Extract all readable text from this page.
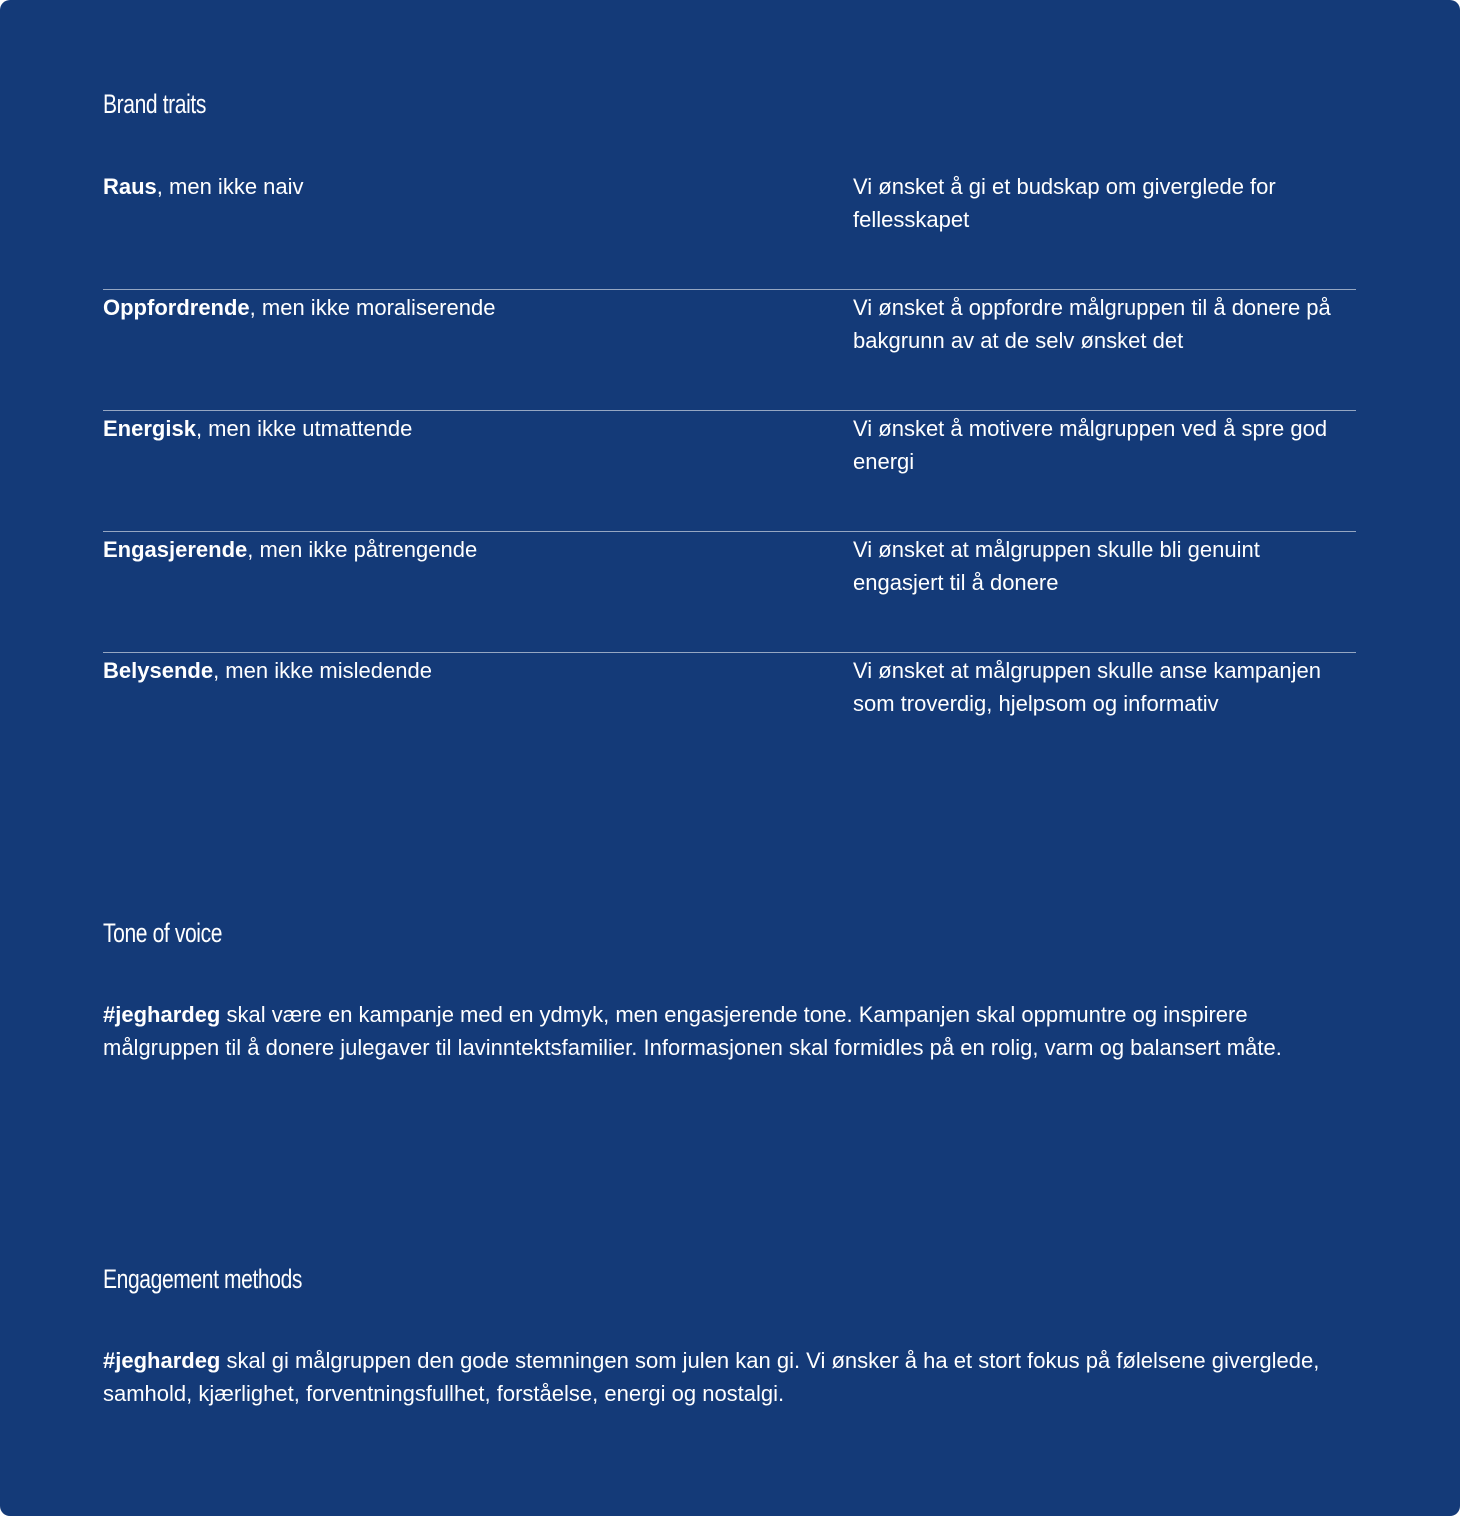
Brand traits
Raus, men ikke naiv	Vi ønsket å gi et budskap om giverglede for fellesskapet
Oppfordrende, men ikke moraliserende	Vi ønsket å oppfordre målgruppen til å donere på bakgrunn av at de selv ønsket det
Energisk, men ikke utmattende	Vi ønsket å motivere målgruppen ved å spre god energi
Engasjerende, men ikke påtrengende	Vi ønsket at målgruppen skulle bli genuint engasjert til å donere
Belysende, men ikke misledende	Vi ønsket at målgruppen skulle anse kampanjen som troverdig, hjelpsom og informativ
Tone of voice

#jeghardeg skal være en kampanje med en ydmyk, men engasjerende tone. Kampanjen skal oppmuntre og inspirere målgruppen til å donere julegaver til lavinntektsfamilier. Informasjonen skal formidles på en rolig, varm og balansert måte.

Engagement methods

#jeghardeg skal gi målgruppen den gode stemningen som julen kan gi. Vi ønsker å ha et stort fokus på følelsene giverglede, samhold, kjærlighet, forventningsfullhet, forståelse, energi og nostalgi.
